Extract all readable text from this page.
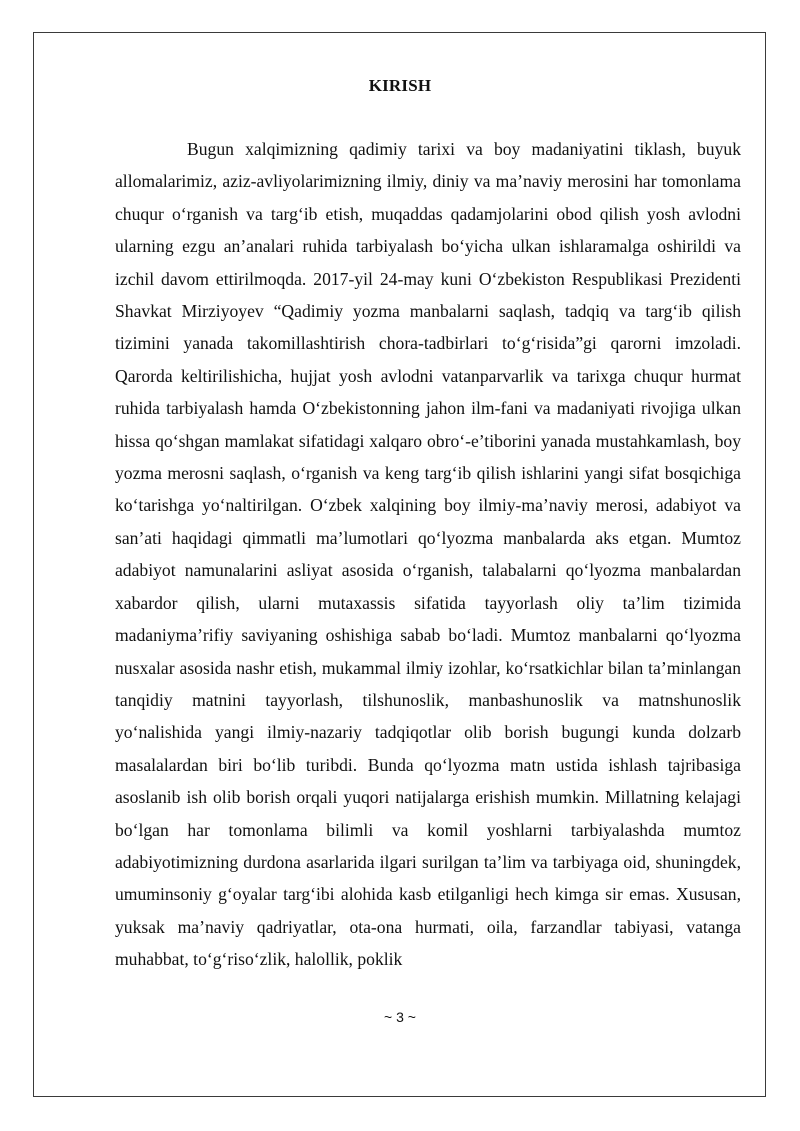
KIRISH

Bugun xalqimizning qadimiy tarixi va boy madaniyatini tiklash, buyuk allomalarimiz, aziz-avliyolarimizning ilmiy, diniy va ma’naviy merosini har tomonlama chuqur o‘rganish va targ‘ib etish, muqaddas qadamjolarini obod qilish yosh avlodni ularning ezgu an’analari ruhida tarbiyalash bo‘yicha ulkan ishlaramalga oshirildi va izchil davom ettirilmoqda. 2017-yil 24-may kuni O‘zbekiston Respublikasi Prezidenti Shavkat Mirziyoyev “Qadimiy yozma manbalarni saqlash, tadqiq va targ‘ib qilish tizimini yanada takomillashtirish chora-tadbirlari to‘g‘risida”gi qarorni imzoladi. Qarorda keltirilishicha, hujjat yosh avlodni vatanparvarlik va tarixga chuqur hurmat ruhida tarbiyalash hamda O‘zbekistonning jahon ilm-fani va madaniyati rivojiga ulkan hissa qo‘shgan mamlakat sifatidagi xalqaro obro‘-e’tiborini yanada mustahkamlash, boy yozma merosni saqlash, o‘rganish va keng targ‘ib qilish ishlarini yangi sifat bosqichiga ko‘tarishga yo‘naltirilgan. O‘zbek xalqining boy ilmiy-ma’naviy merosi, adabiyot va san’ati haqidagi qimmatli ma’lumotlari qo‘lyozma manbalarda aks etgan. Mumtoz adabiyot namunalarini asliyat asosida o‘rganish, talabalarni qo‘lyozma manbalardan xabardor qilish, ularni mutaxassis sifatida tayyorlash oliy ta’lim tizimida madaniyma’rifiy saviyaning oshishiga sabab bo‘ladi. Mumtoz manbalarni qo‘lyozma nusxalar asosida nashr etish, mukammal ilmiy izohlar, ko‘rsatkichlar bilan ta’minlangan tanqidiy matnini tayyorlash, tilshunoslik, manbashunoslik va matnshunoslik yo‘nalishida yangi ilmiy-nazariy tadqiqotlar olib borish bugungi kunda dolzarb masalalardan biri bo‘lib turibdi. Bunda qo‘lyozma matn ustida ishlash tajribasiga asoslanib ish olib borish orqali yuqori natijalarga erishish mumkin. Millatning kelajagi bo‘lgan har tomonlama bilimli va komil yoshlarni tarbiyalashda mumtoz adabiyotimizning durdona asarlarida ilgari surilgan ta’lim va tarbiyaga oid, shuningdek, umuminsoniy g‘oyalar targ‘ibi alohida kasb etilganligi hech kimga sir emas. Xususan, yuksak ma’naviy qadriyatlar, ota-ona hurmati, oila, farzandlar tabiyasi, vatanga muhabbat, to‘g‘riso‘zlik, halollik, poklik

~ 3 ~
